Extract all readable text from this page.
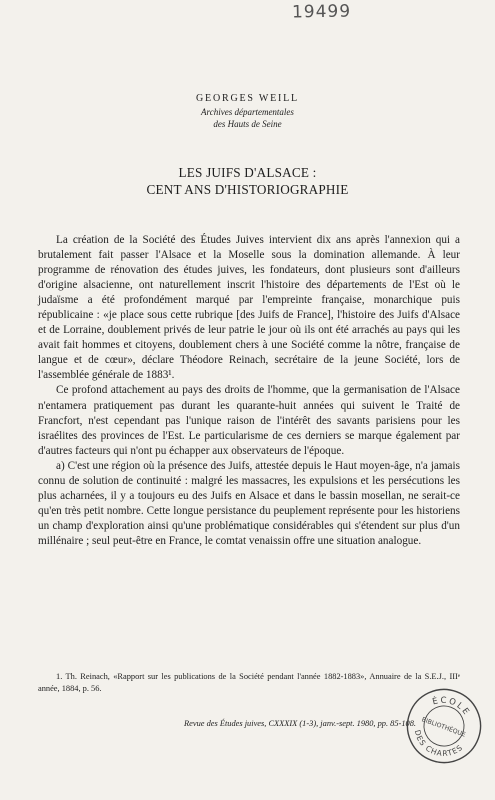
19499
GEORGES WEILL
Archives départementales
des Hauts de Seine
LES JUIFS D'ALSACE :
CENT ANS D'HISTORIOGRAPHIE

La création de la Société des Études Juives intervient dix ans après l'annexion qui a brutalement fait passer l'Alsace et la Moselle sous la domination allemande. À leur programme de rénovation des études juives, les fondateurs, dont plusieurs sont d'ailleurs d'origine alsacienne, ont naturellement inscrit l'histoire des départements de l'Est où le judaïsme a été profondément marqué par l'empreinte française, monarchique puis républicaine : «je place sous cette rubrique [des Juifs de France], l'histoire des Juifs d'Alsace et de Lorraine, doublement privés de leur patrie le jour où ils ont été arrachés au pays qui les avait fait hommes et citoyens, doublement chers à une Société comme la nôtre, française de langue et de cœur», déclare Théodore Reinach, secrétaire de la jeune Société, lors de l'assemblée générale de 1883¹.

Ce profond attachement au pays des droits de l'homme, que la germanisation de l'Alsace n'entamera pratiquement pas durant les quarante-huit années qui suivent le Traité de Francfort, n'est cependant pas l'unique raison de l'intérêt des savants parisiens pour les israélites des provinces de l'Est. Le particularisme de ces derniers se marque également par d'autres facteurs qui n'ont pu échapper aux observateurs de l'époque.

a) C'est une région où la présence des Juifs, attestée depuis le Haut moyen-âge, n'a jamais connu de solution de continuité : malgré les massacres, les expulsions et les persécutions les plus acharnées, il y a toujours eu des Juifs en Alsace et dans le bassin mosellan, ne serait-ce qu'en très petit nombre. Cette longue persistance du peuplement représente pour les historiens un champ d'exploration ainsi qu'une problématique considérables qui s'étendent sur plus d'un millénaire ; seul peut-être en France, le comtat venaissin offre une situation analogue.

1. Th. Reinach, «Rapport sur les publications de la Société pendant l'année 1882-1883», Annuaire de la S.E.J., IIIᵉ année, 1884, p. 56.

Revue des Études juives, CXXXIX (1-3), janv.-sept. 1980, pp. 85-108.
ÉCOLE
BIBLIOTHÈQUE
DES CHARTES
